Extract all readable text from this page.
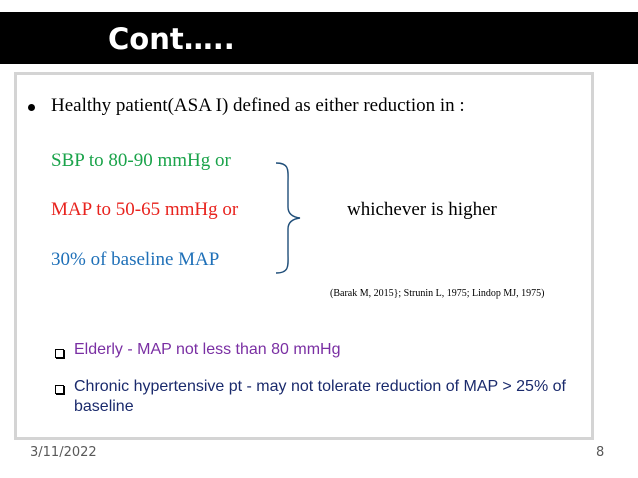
Cont…..
Healthy patient(ASA I) defined as either reduction in :
SBP to 80-90 mmHg or
MAP to 50-65 mmHg or
30% of baseline MAP
whichever is higher
(Barak M, 2015}; Strunin L, 1975; Lindop MJ, 1975)
Elderly - MAP not less than 80 mmHg
Chronic hypertensive pt - may not tolerate reduction of MAP > 25% of baseline
3/11/2022	8
